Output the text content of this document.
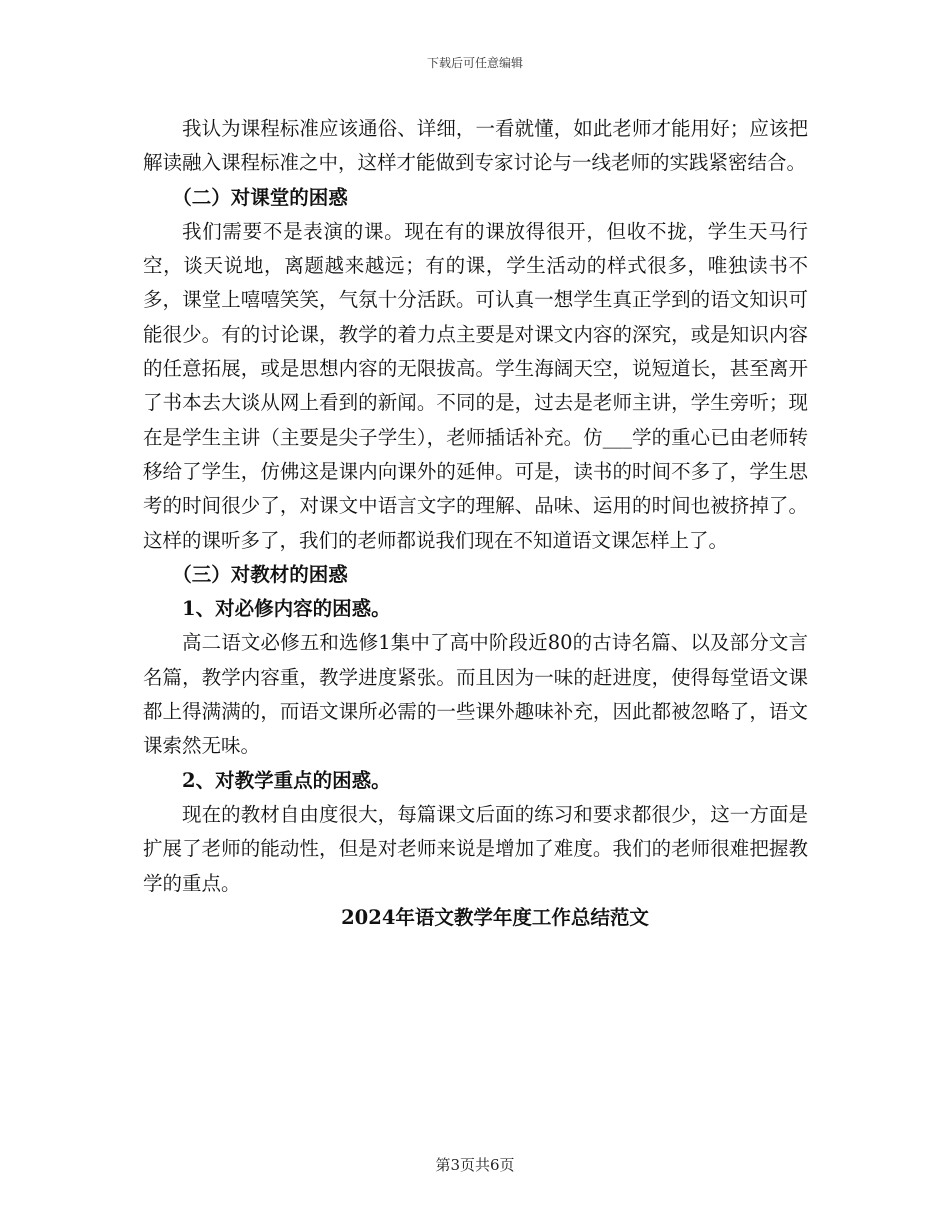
下载后可任意编辑

我认为课程标准应该通俗、详细，一看就懂，如此老师才能用好；应该把解读融入课程标准之中，这样才能做到专家讨论与一线老师的实践紧密结合。

（二）对课堂的困惑

我们需要不是表演的课。现在有的课放得很开，但收不拢，学生天马行空，谈天说地，离题越来越远；有的课，学生活动的样式很多，唯独读书不多，课堂上嘻嘻笑笑，气氛十分活跃。可认真一想学生真正学到的语文知识可能很少。有的讨论课，教学的着力点主要是对课文内容的深究，或是知识内容的任意拓展，或是思想内容的无限拔高。学生海阔天空，说短道长，甚至离开了书本去大谈从网上看到的新闻。不同的是，过去是老师主讲，学生旁听；现在是学生主讲（主要是尖子学生），老师插话补充。仿___学的重心已由老师转移给了学生，仿佛这是课内向课外的延伸。可是，读书的时间不多了，学生思考的时间很少了，对课文中语言文字的理解、品味、运用的时间也被挤掉了。这样的课听多了，我们的老师都说我们现在不知道语文课怎样上了。

（三）对教材的困惑

1、对必修内容的困惑。

高二语文必修五和选修1集中了高中阶段近80的古诗名篇、以及部分文言名篇，教学内容重，教学进度紧张。而且因为一味的赶进度，使得每堂语文课都上得满满的，而语文课所必需的一些课外趣味补充，因此都被忽略了，语文课索然无味。

2、对教学重点的困惑。

现在的教材自由度很大，每篇课文后面的练习和要求都很少，这一方面是扩展了老师的能动性，但是对老师来说是增加了难度。我们的老师很难把握教学的重点。

2024年语文教学年度工作总结范文

第3页共6页
